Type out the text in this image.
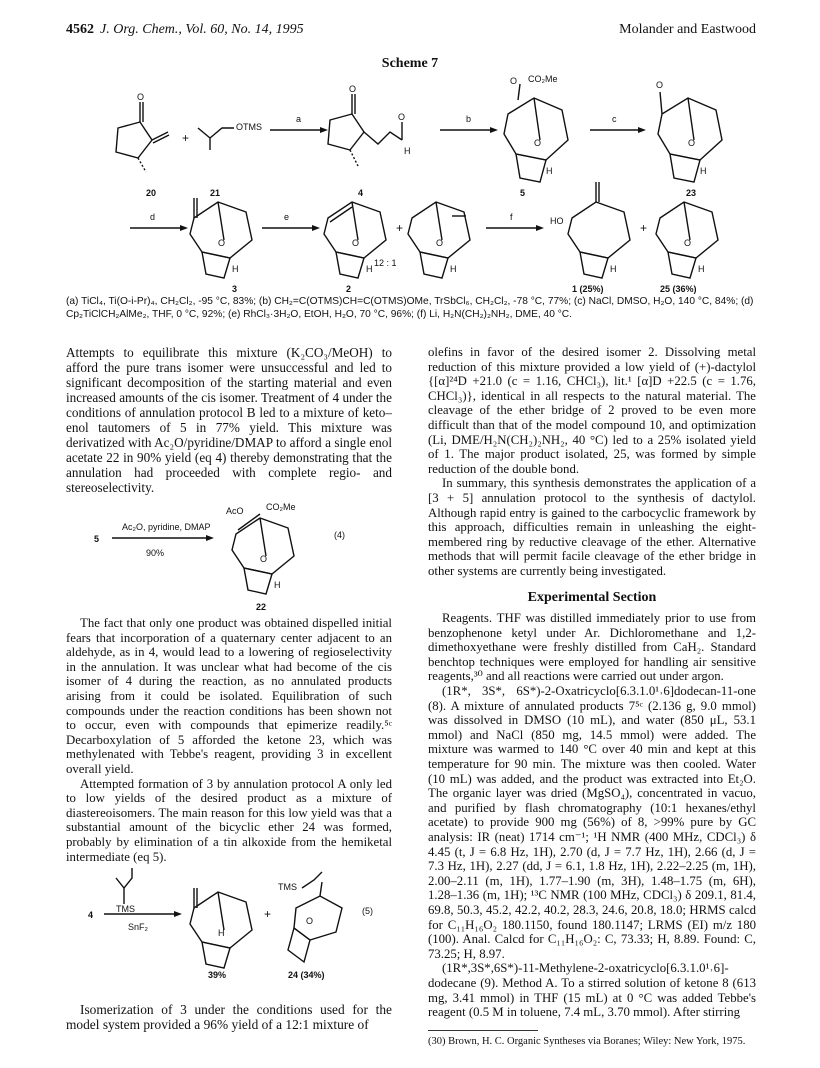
4562 J. Org. Chem., Vol. 60, No. 14, 1995	Molander and Eastwood
Scheme 7
O
+
OTMS
a
O
O
H
b
O CO₂Me
O
H
c
O
O
H
20	21	4	5	23
d
O
H
e
O
H
+
O
H
12 : 1
f	HO
H
+
O
H
3	2	1 (25%)	25 (36%)
(a) TiCl₄, Ti(O-i-Pr)₄, CH₂Cl₂, -95 °C, 83%; (b) CH₂=C(OTMS)CH=C(OTMS)OMe, TrSbCl₆, CH₂Cl₂, -78 °C, 77%; (c) NaCl, DMSO, H₂O, 140 °C, 84%; (d) Cp₂TiClCH₂AlMe₂, THF, 0 °C, 92%; (e) RhCl₃·3H₂O, EtOH, H₂O, 70 °C, 96%; (f) Li, H₂N(CH₂)₂NH₂, DME, 40 °C.

Attempts to equilibrate this mixture (K₂CO₃/MeOH) to afford the pure trans isomer were unsuccessful and led to significant decomposition of the starting material and even increased amounts of the cis isomer. Treatment of 4 under the conditions of annulation protocol B led to a mixture of keto–enol tautomers of 5 in 77% yield. This mixture was derivatized with Ac₂O/pyridine/DMAP to afford a single enol acetate 22 in 90% yield (eq 4) thereby demonstrating that the annulation had proceeded with complete regio- and stereoselectivity.

5
Ac₂O, pyridine, DMAP
90%
AcO CO₂Me
O
H
(4)
22

The fact that only one product was obtained dispelled initial fears that incorporation of a quaternary center adjacent to an aldehyde, as in 4, would lead to a lowering of regioselectivity in the annulation. It was unclear what had become of the cis isomer of 4 during the reaction, as no annulated products arising from it could be isolated. Equilibration of such compounds under the reaction conditions has been shown not to occur, even with compounds that epimerize readily.⁵ᶜ Decarboxylation of 5 afforded the ketone 23, which was methylenated with Tebbe's reagent, providing 3 in excellent overall yield.

Attempted formation of 3 by annulation protocol A only led to low yields of the desired product as a mixture of diastereoisomers. The main reason for this low yield was that a substantial amount of the bicyclic ether 24 was formed, probably by elimination of a tin alkoxide from the hemiketal intermediate (eq 5).

4
TMS
SnF₂
H
+
TMS
O
(5)
39%	24 (34%)

Isomerization of 3 under the conditions used for the model system provided a 96% yield of a 12:1 mixture of

olefins in favor of the desired isomer 2. Dissolving metal reduction of this mixture provided a low yield of (+)-dactylol {[α]²⁴D +21.0 (c = 1.16, CHCl₃), lit.¹ [α]D +22.5 (c = 1.76, CHCl₃)}, identical in all respects to the natural material. The cleavage of the ether bridge of 2 proved to be even more difficult than that of the model compound 10, and optimization (Li, DME/H₂N(CH₂)₂NH₂, 40 °C) led to a 25% isolated yield of 1. The major product isolated, 25, was formed by simple reduction of the double bond.

In summary, this synthesis demonstrates the application of a [3 + 5] annulation protocol to the synthesis of dactylol. Although rapid entry is gained to the carbocyclic framework by this approach, difficulties remain in unleashing the eight-membered ring by reductive cleavage of the ether. Alternative methods that will permit facile cleavage of the ether bridge in other systems are currently being investigated.

Experimental Section

Reagents. THF was distilled immediately prior to use from benzophenone ketyl under Ar. Dichloromethane and 1,2-dimethoxyethane were freshly distilled from CaH₂. Standard benchtop techniques were employed for handling air sensitive reagents,³⁰ and all reactions were carried out under argon.

(1R*, 3S*, 6S*)-2-Oxatricyclo[6.3.1.0¹˒6]dodecan-11-one (8). A mixture of annulated products 7⁵ᶜ (2.136 g, 9.0 mmol) was dissolved in DMSO (10 mL), and water (850 μL, 53.1 mmol) and NaCl (850 mg, 14.5 mmol) were added. The mixture was warmed to 140 °C over 40 min and kept at this temperature for 90 min. The mixture was then cooled. Water (10 mL) was added, and the product was extracted into Et₂O. The organic layer was dried (MgSO₄), concentrated in vacuo, and purified by flash chromatography (10:1 hexanes/ethyl acetate) to provide 900 mg (56%) of 8, >99% pure by GC analysis: IR (neat) 1714 cm⁻¹; ¹H NMR (400 MHz, CDCl₃) δ 4.45 (t, J = 6.8 Hz, 1H), 2.70 (d, J = 7.7 Hz, 1H), 2.66 (d, J = 7.3 Hz, 1H), 2.27 (dd, J = 6.1, 1.8 Hz, 1H), 2.22–2.25 (m, 1H), 2.00–2.11 (m, 1H), 1.77–1.90 (m, 3H), 1.48–1.75 (m, 6H), 1.28–1.36 (m, 1H); ¹³C NMR (100 MHz, CDCl₃) δ 209.1, 81.4, 69.8, 50.3, 45.2, 42.2, 40.2, 28.3, 24.6, 20.8, 18.0; HRMS calcd for C₁₁H₁₆O₂ 180.1150, found 180.1147; LRMS (EI) m/z 180 (100). Anal. Calcd for C₁₁H₁₆O₂: C, 73.33; H, 8.89. Found: C, 73.25; H, 8.97.

(1R*,3S*,6S*)-11-Methylene-2-oxatricyclo[6.3.1.0¹˒6]-dodecane (9). Method A. To a stirred solution of ketone 8 (613 mg, 3.41 mmol) in THF (15 mL) at 0 °C was added Tebbe's reagent (0.5 M in toluene, 7.4 mL, 3.70 mmol). After stirring

(30) Brown, H. C. Organic Syntheses via Boranes; Wiley: New York, 1975.
